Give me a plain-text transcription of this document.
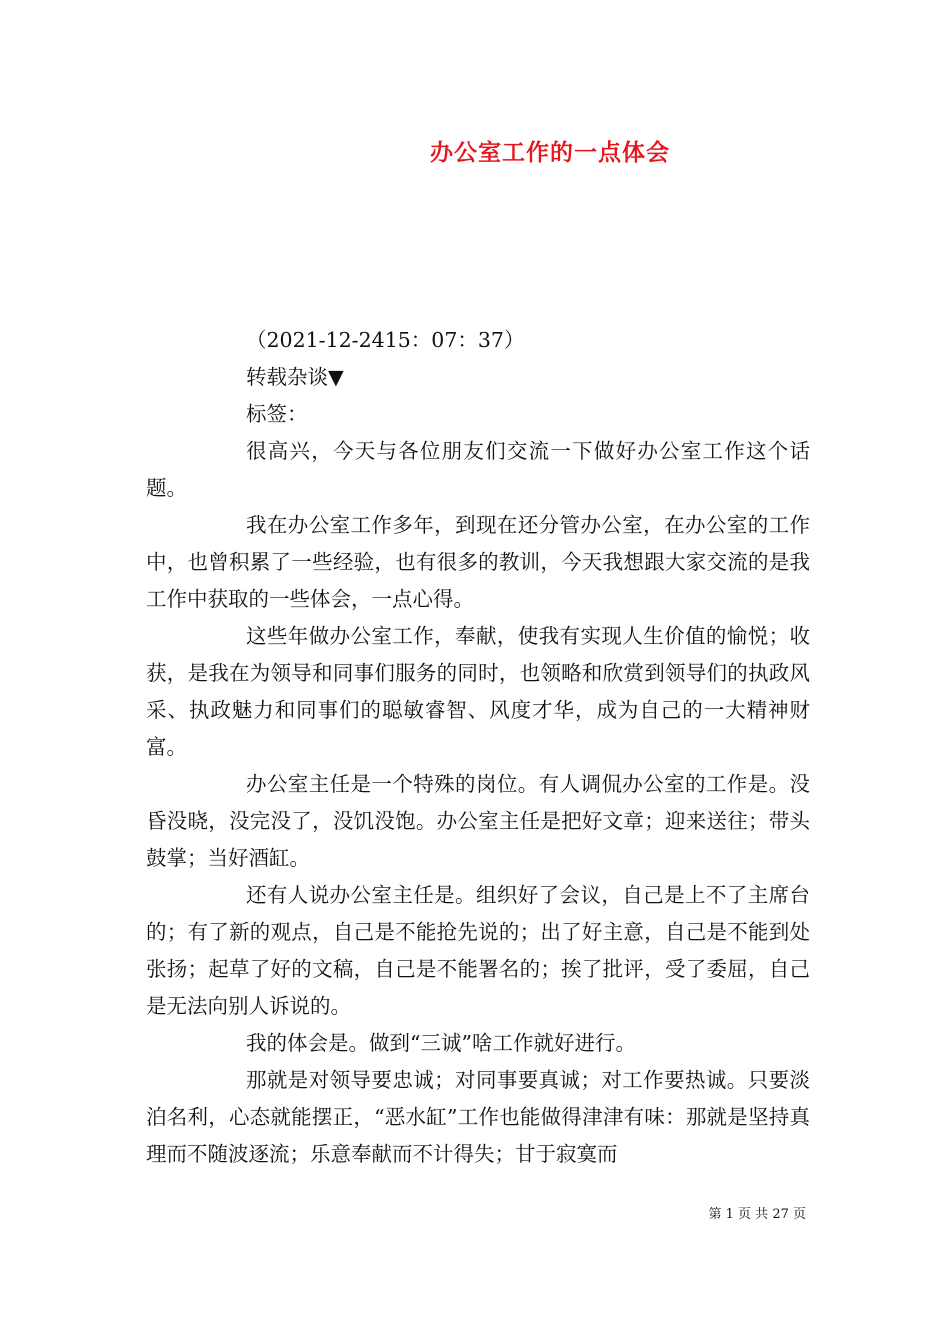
办公室工作的一点体会

（2021-12-2415：07：37）

转载杂谈▼

标签：

很高兴，今天与各位朋友们交流一下做好办公室工作这个话题。

我在办公室工作多年，到现在还分管办公室，在办公室的工作中，也曾积累了一些经验，也有很多的教训，今天我想跟大家交流的是我工作中获取的一些体会，一点心得。

这些年做办公室工作，奉献，使我有实现人生价值的愉悦；收获，是我在为领导和同事们服务的同时，也领略和欣赏到领导们的执政风采、执政魅力和同事们的聪敏睿智、风度才华，成为自己的一大精神财富。

办公室主任是一个特殊的岗位。有人调侃办公室的工作是。没昏没晓，没完没了，没饥没饱。办公室主任是把好文章；迎来送往；带头鼓掌；当好酒缸。

还有人说办公室主任是。组织好了会议，自己是上不了主席台的；有了新的观点，自己是不能抢先说的；出了好主意，自己是不能到处张扬；起草了好的文稿，自己是不能署名的；挨了批评，受了委屈，自己是无法向别人诉说的。

我的体会是。做到“三诚”啥工作就好进行。

那就是对领导要忠诚；对同事要真诚；对工作要热诚。只要淡泊名利，心态就能摆正，“恶水缸”工作也能做得津津有味：那就是坚持真理而不随波逐流；乐意奉献而不计得失；甘于寂寞而

第 1 页 共 27 页
